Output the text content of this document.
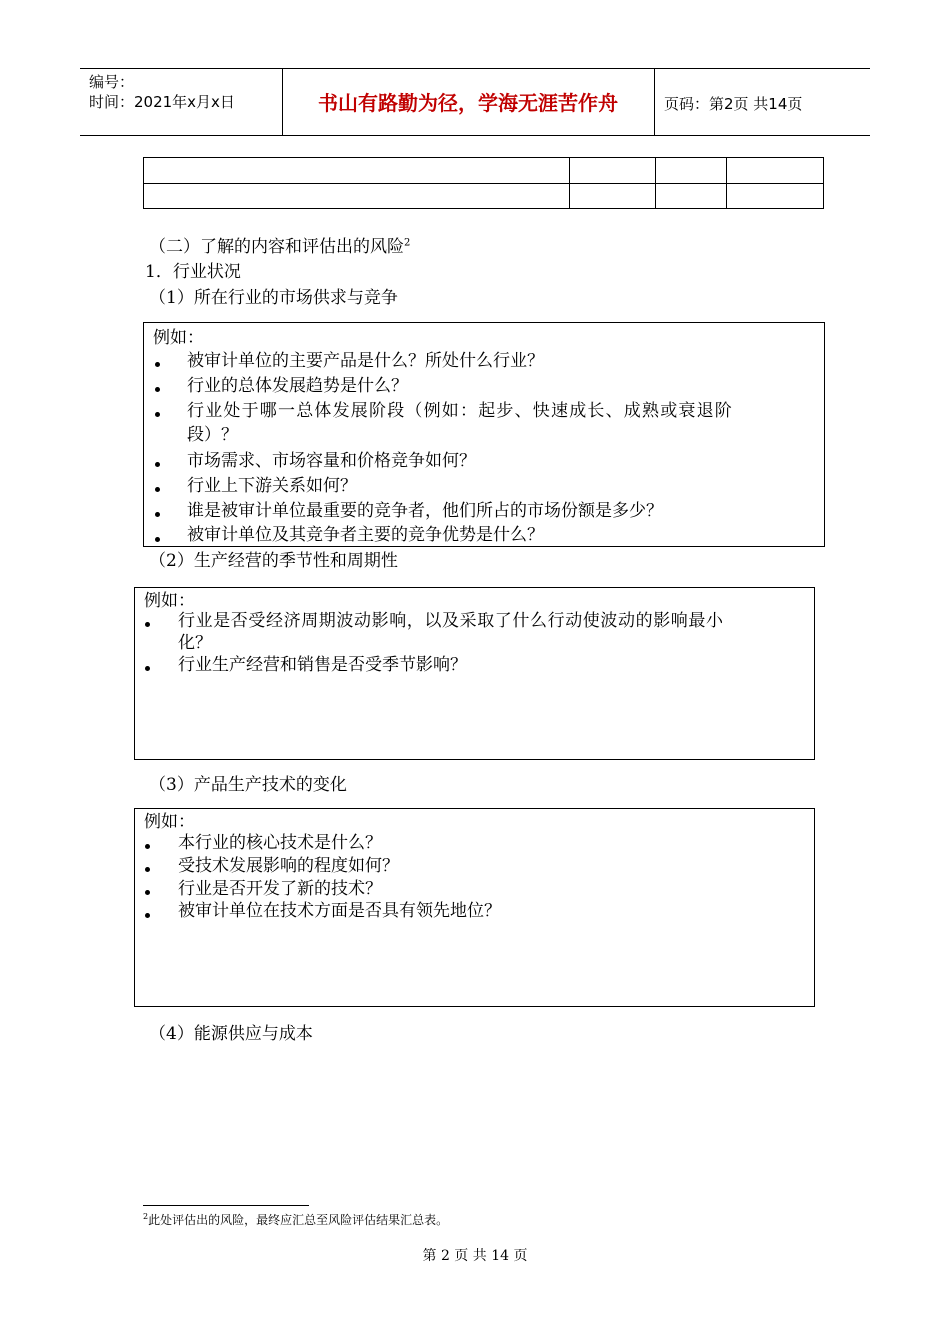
编号：
时间：2021年x月x日	书山有路勤为径，学海无涯苦作舟	页码：第2页 共14页
（二）了解的内容和评估出的风险$^2$
1．行业状况
（1）所在行业的市场供求与竞争
例如：
被审计单位的主要产品是什么？所处什么行业？
行业的总体发展趋势是什么？
行业处于哪一总体发展阶段（例如：起步、快速成长、成熟或衰退阶
段）？
市场需求、市场容量和价格竞争如何？
行业上下游关系如何？
谁是被审计单位最重要的竞争者，他们所占的市场份额是多少？
被审计单位及其竞争者主要的竞争优势是什么？
（2）生产经营的季节性和周期性
例如：
行业是否受经济周期波动影响，以及采取了什么行动使波动的影响最小
化？
行业生产经营和销售是否受季节影响？
（3）产品生产技术的变化
例如：
本行业的核心技术是什么？
受技术发展影响的程度如何？
行业是否开发了新的技术？
被审计单位在技术方面是否具有领先地位？
（4）能源供应与成本
$^2$此处评估出的风险，最终应汇总至风险评估结果汇总表。
第 2 页 共 14 页
